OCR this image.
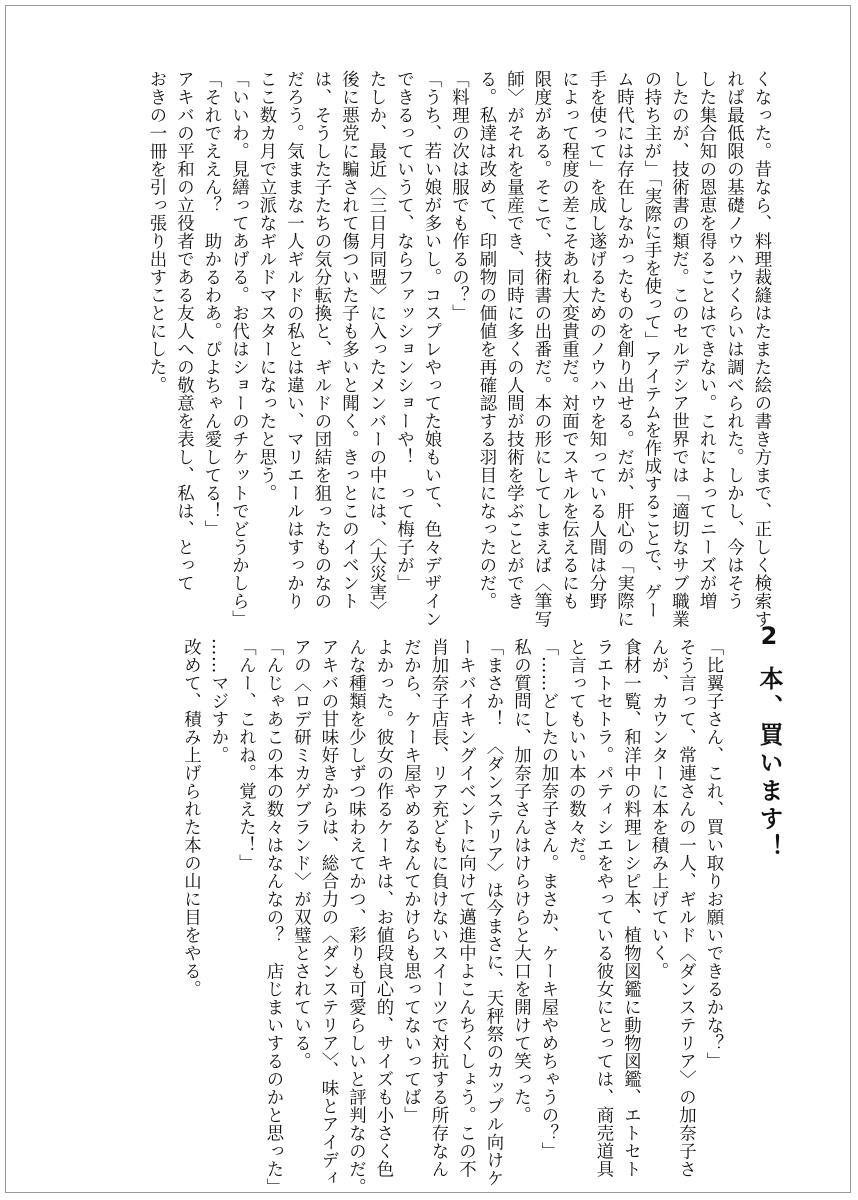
くなった。昔なら、料理裁縫はたまた絵の書き方まで、正しく検索す

れば最低限の基礎ノウハウくらいは調べられた。しかし、今はそう

した集合知の恩恵を得ることはできない。これによってニーズが増

したのが、技術書の類だ。このセルデシア世界では「適切なサブ職業

の持ち主が」「実際に手を使って」アイテムを作成することで、ゲー

ム時代には存在しなかったものを創り出せる。だが、肝心の「実際に

手を使って」を成し遂げるためのノウハウを知っている人間は分野

によって程度の差こそあれ大変貴重だ。対面でスキルを伝えるにも

限度がある。そこで、技術書の出番だ。本の形にしてしまえば〈筆写

師〉がそれを量産でき、同時に多くの人間が技術を学ぶことができ

る。私達は改めて、印刷物の価値を再確認する羽目になったのだ。

「料理の次は服でも作るの？」

「うち、若い娘が多いし。コスプレやってた娘もいて、色々デザイン

できるっていうて、ならファッションショーや！　って梅子が」

たしか、最近〈三日月同盟〉に入ったメンバーの中には、〈大災害〉

後に悪党に騙されて傷ついた子も多いと聞く。きっとこのイベント

は、そうした子たちの気分転換と、ギルドの団結を狙ったものなの

だろう。気ままな一人ギルドの私とは違い、マリエールはすっかり

ここ数カ月で立派なギルドマスターになったと思う。

「いいわ。見繕ってあげる。お代はショーのチケットでどうかしら」

「それでええん？　助かるわあ。ぴよちゃん愛してる！」

アキバの平和の立役者である友人への敬意を表し、私は、とって

おきの一冊を引っ張り出すことにした。

2本、買います！

「比翼子さん、これ、買い取りお願いできるかな？」

そう言って、常連さんの一人、ギルド〈ダンステリア〉の加奈子さ

んが、カウンターに本を積み上げていく。

食材一覧、和洋中の料理レシピ本、植物図鑑に動物図鑑、エトセト

ラエトセトラ。パティシエをやっている彼女にとっては、商売道具

と言ってもいい本の数々だ。

「……どしたの加奈子さん。まさか、ケーキ屋やめちゃうの？」

私の質問に、加奈子さんはけらけらと大口を開けて笑った。

「まさか！　〈ダンステリア〉は今まさに、天秤祭のカップル向けケ

ーキバイキングイベントに向けて邁進中よこんちくしょう。この不

肖加奈子店長、リア充どもに負けないスイーツで対抗する所存なん

だから、ケーキ屋やめるなんてかけらも思ってないってば」

よかった。彼女の作るケーキは、お値段良心的、サイズも小さく色

んな種類を少しずつ味わえてかつ、彩りも可愛らしいと評判なのだ。

アキバの甘味好きからは、総合力の〈ダンステリア〉、味とアイディ

アの〈ロデ研ミカゲブランド〉が双璧とされている。

「んじゃあこの本の数々はなんなの？　店じまいするのかと思った」

「んー、これね。覚えた！」

……マジすか。

改めて、積み上げられた本の山に目をやる。
